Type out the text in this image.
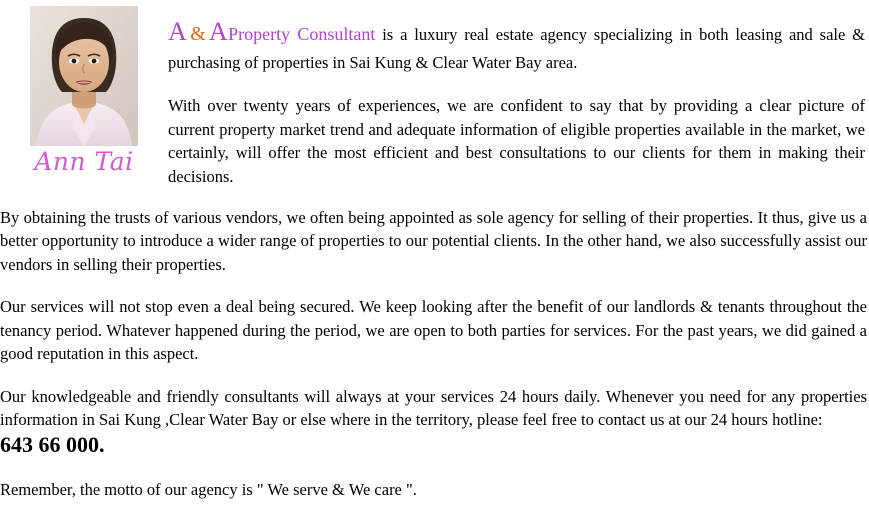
Ann Tai

A & AProperty Consultant is a luxury real estate agency specializing in both leasing and sale & purchasing of properties in Sai Kung & Clear Water Bay area.

With over twenty years of experiences, we are confident to say that by providing a clear picture of current property market trend and adequate information of eligible properties available in the market, we certainly, will offer the most efficient and best consultations to our clients for them in making their decisions.

By obtaining the trusts of various vendors, we often being appointed as sole agency for selling of their properties. It thus, give us a better opportunity to introduce a wider range of properties to our potential clients. In the other hand, we also successfully assist our vendors in selling their properties.

Our services will not stop even a deal being secured. We keep looking after the benefit of our landlords & tenants throughout the tenancy period. Whatever happened during the period, we are open to both parties for services. For the past years, we did gained a good reputation in this aspect.

Our knowledgeable and friendly consultants will always at your services 24 hours daily. Whenever you need for any properties information in Sai Kung ,Clear Water Bay or else where in the territory, please feel free to contact us at our 24 hours hotline:
643 66 000.

Remember, the motto of our agency is " We serve & We care ".
